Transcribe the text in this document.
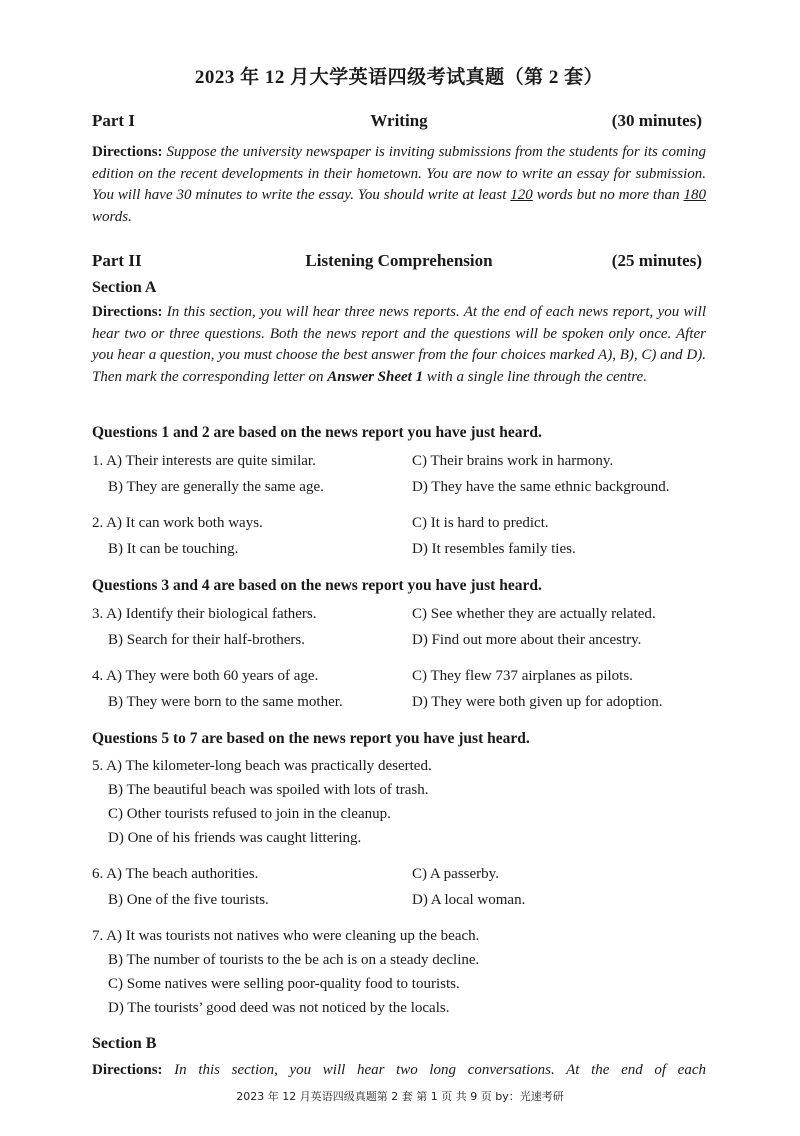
2023 年 12 月大学英语四级考试真题（第 2 套）
Writing
Part I	(30 minutes)
Directions: Suppose the university newspaper is inviting submissions from the students for its coming edition on the recent developments in their hometown. You are now to write an essay for submission. You will have 30 minutes to write the essay. You should write at least 120 words but no more than 180 words.
Listening Comprehension
Part II	(25 minutes)
Section A
Directions: In this section, you will hear three news reports. At the end of each news report, you will hear two or three questions. Both the news report and the questions will be spoken only once. After you hear a question, you must choose the best answer from the four choices marked A), B), C) and D). Then mark the corresponding letter on Answer Sheet 1 with a single line through the centre.
Questions 1 and 2 are based on the news report you have just heard.
1. A) Their interests are quite similar.	C) Their brains work in harmony.
B) They are generally the same age.	D) They have the same ethnic background.
2. A) It can work both ways.	C) It is hard to predict.
B) It can be touching.	D) It resembles family ties.
Questions 3 and 4 are based on the news report you have just heard.
3. A) Identify their biological fathers.	C) See whether they are actually related.
B) Search for their half-brothers.	D) Find out more about their ancestry.
4. A) They were both 60 years of age.	C) They flew 737 airplanes as pilots.
B) They were born to the same mother.	D) They were both given up for adoption.
Questions 5 to 7 are based on the news report you have just heard.
5. A) The kilometer-long beach was practically deserted.
B) The beautiful beach was spoiled with lots of trash.
C) Other tourists refused to join in the cleanup.
D) One of his friends was caught littering.
6. A) The beach authorities.	C) A passerby.
B) One of the five tourists.	D) A local woman.
7. A) It was tourists not natives who were cleaning up the beach.
B) The number of tourists to the be ach is on a steady decline.
C) Some natives were selling poor-quality food to tourists.
D) The tourists’ good deed was not noticed by the locals.
Section B
Directions: In this section, you will hear two long conversations. At the end of each
2023 年 12 月英语四级真题第 2 套 第 1 页 共 9 页 by：光速考研
